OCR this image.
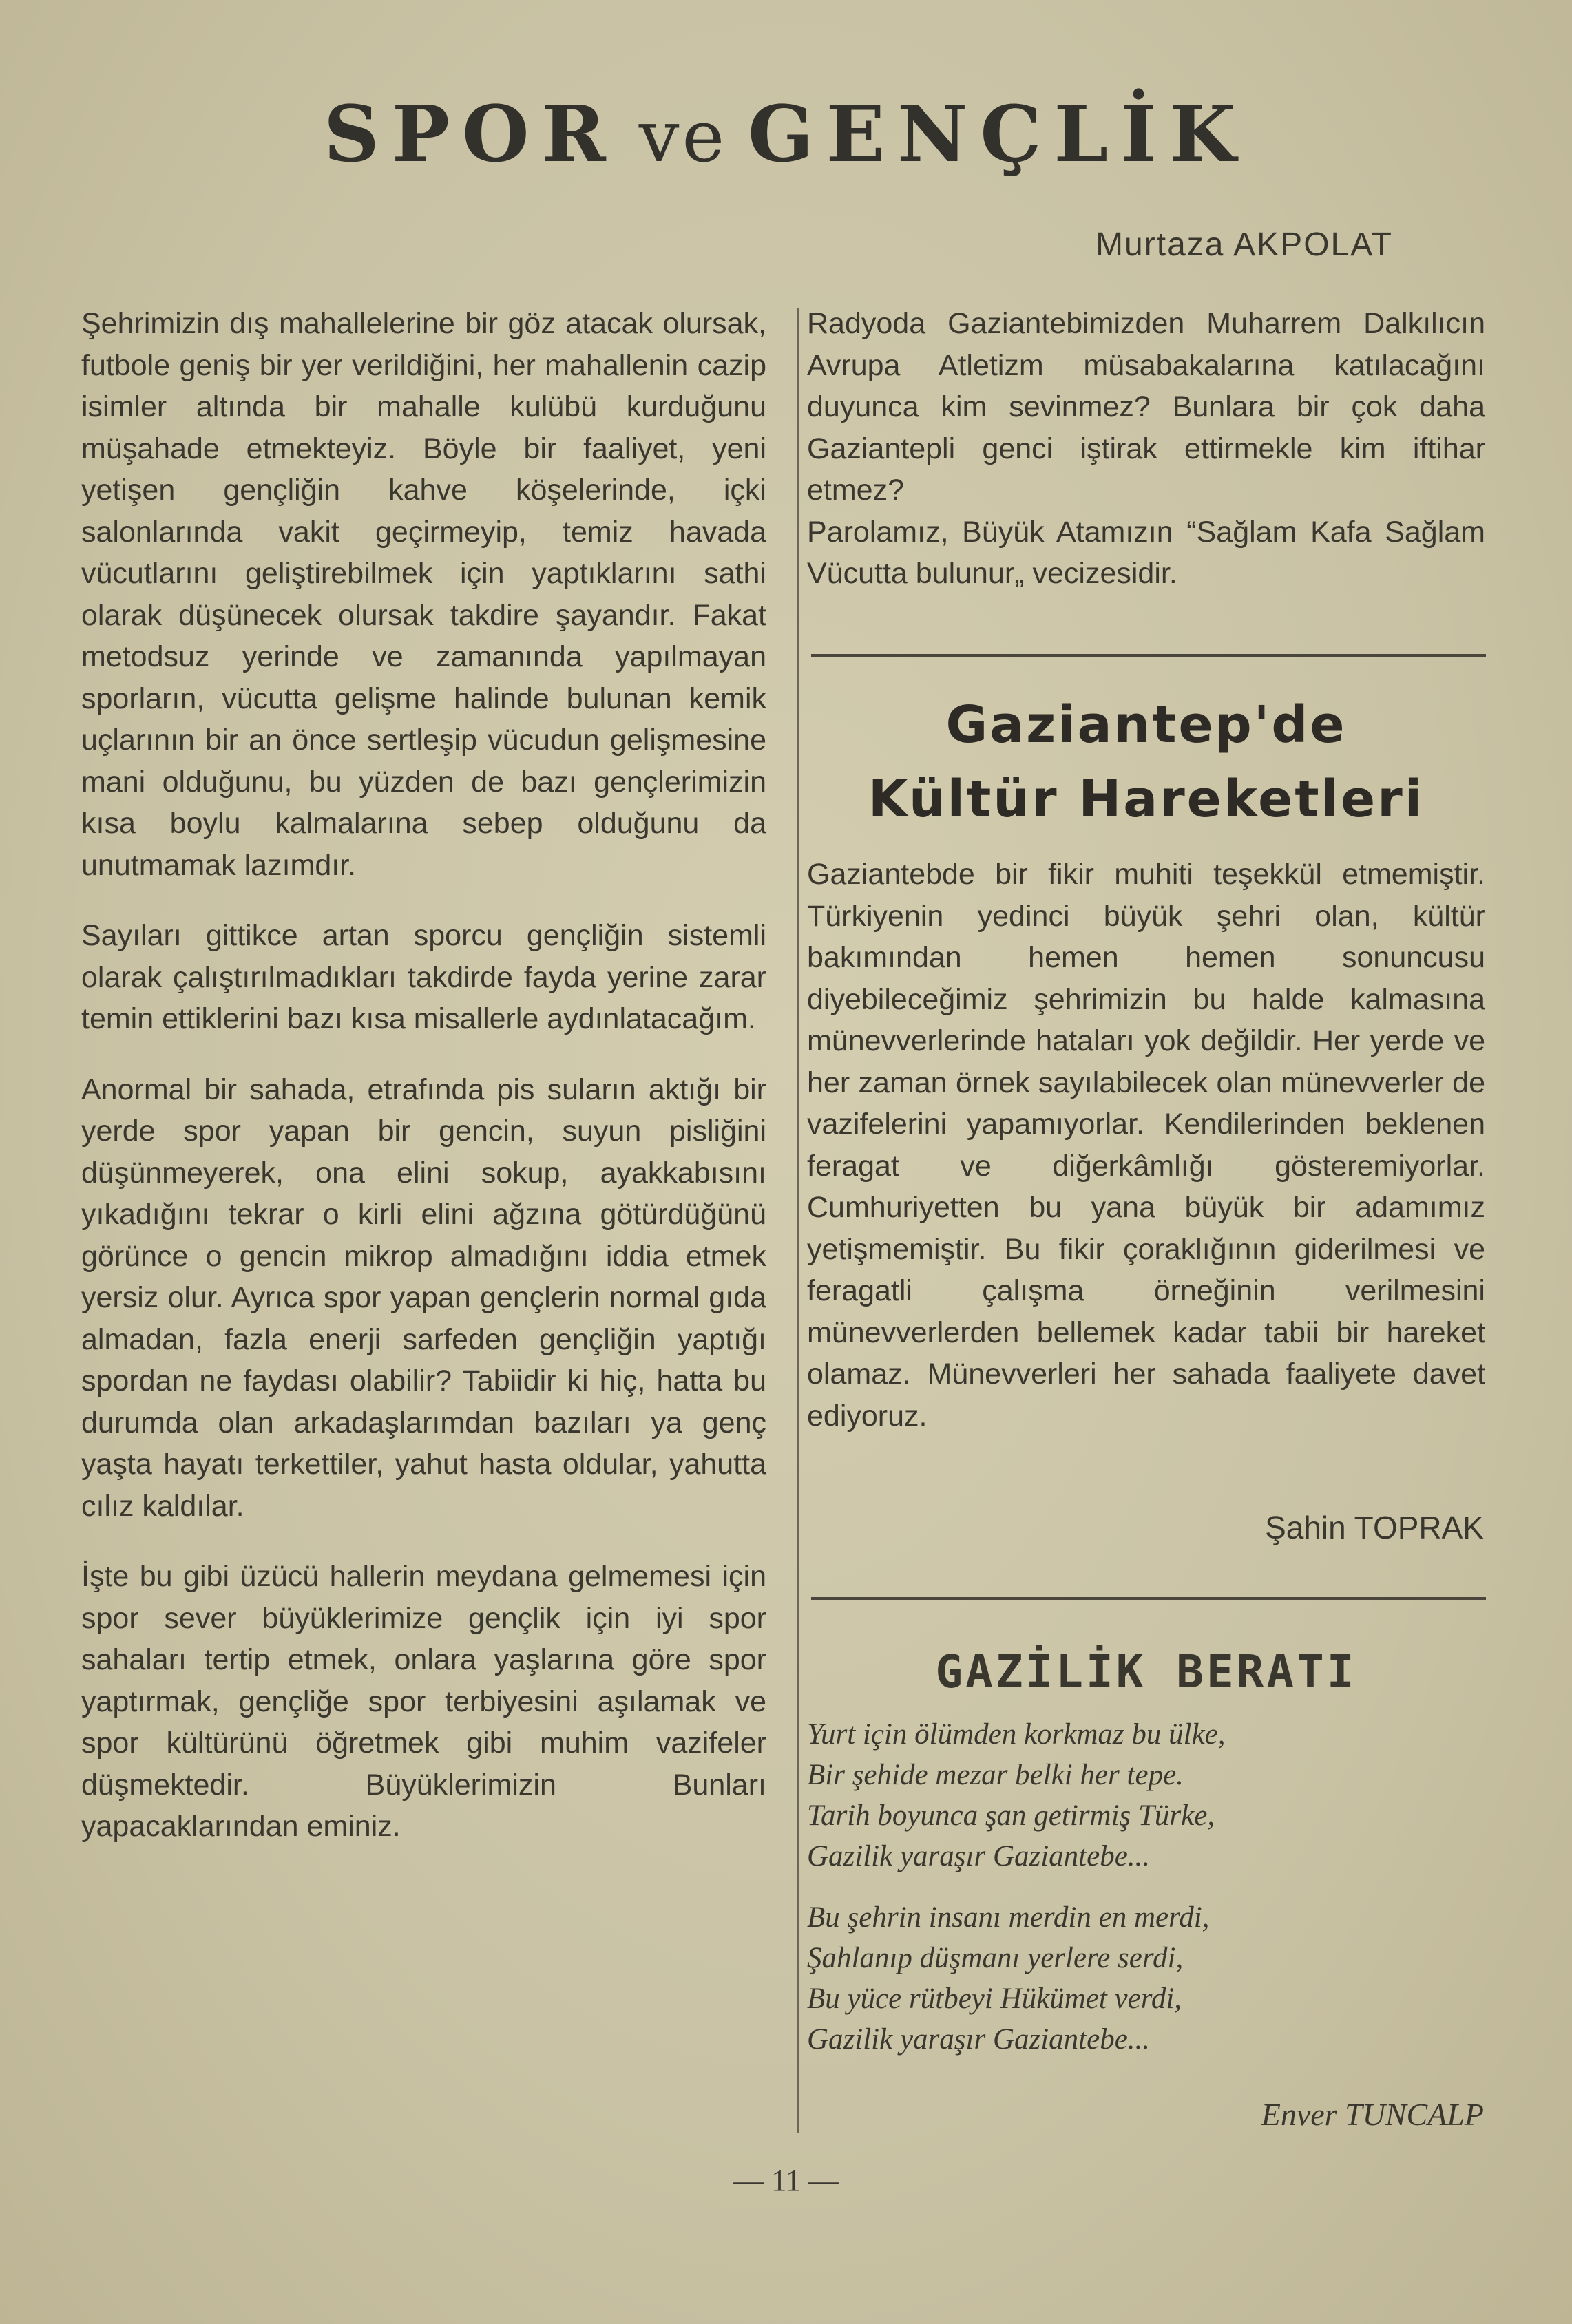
SPOR ve GENÇLİK
Murtaza AKPOLAT

Şehrimizin dış mahallelerine bir göz atacak olursak, futbole geniş bir yer verildiğini, her mahallenin cazip isimler altında bir mahalle kulübü kurduğunu müşahade etmekteyiz. Böyle bir faaliyet, yeni yetişen gençliğin kahve köşelerinde, içki salonlarında vakit geçirmeyip, temiz havada vücutlarını geliştirebilmek için yaptıklarını sathi olarak düşünecek olursak takdire şayandır. Fakat metodsuz yerinde ve zamanında yapılmayan sporların, vücutta gelişme halinde bulunan kemik uçlarının bir an önce sertleşip vücudun gelişmesine mani olduğunu, bu yüzden de bazı gençlerimizin kısa boylu kalmalarına sebep olduğunu da unutmamak lazımdır.

Sayıları gittikce artan sporcu gençliğin sistemli olarak çalıştırılmadıkları takdirde fayda yerine zarar temin ettiklerini bazı kısa misallerle aydınlatacağım.

Anormal bir sahada, etrafında pis suların aktığı bir yerde spor yapan bir gencin, suyun pisliğini düşünmeyerek, ona elini sokup, ayakkabısını yıkadığını tekrar o kirli elini ağzına götürdüğünü görünce o gencin mikrop almadığını iddia etmek yersiz olur. Ayrıca spor yapan gençlerin normal gıda almadan, fazla enerji sarfeden gençliğin yaptığı spordan ne faydası olabilir? Tabiidir ki hiç, hatta bu durumda olan arkadaşlarımdan bazıları ya genç yaşta hayatı terkettiler, yahut hasta oldular, yahutta cılız kaldılar.

İşte bu gibi üzücü hallerin meydana gelmemesi için spor sever büyüklerimize gençlik için iyi spor sahaları tertip etmek, onlara yaşlarına göre spor yaptırmak, gençliğe spor terbiyesini aşılamak ve spor kültürünü öğretmek gibi muhim vazifeler düşmektedir. Büyüklerimizin Bunları yapacaklarından eminiz.

Radyoda Gaziantebimizden Muharrem Dalkılıcın Avrupa Atletizm müsabakalarına katılacağını duyunca kim sevinmez? Bunlara bir çok daha Gaziantepli genci iştirak ettirmekle kim iftihar etmez?

Parolamız, Büyük Atamızın “Sağlam Kafa Sağlam Vücutta bulunur„ vecizesidir.

Gaziantep'de
Kültür Hareketleri

Gaziantebde bir fikir muhiti teşekkül etmemiştir. Türkiyenin yedinci büyük şehri olan, kültür bakımından hemen hemen sonuncusu diyebileceğimiz şehrimizin bu halde kalmasına münevverlerinde hataları yok değildir. Her yerde ve her zaman örnek sayılabilecek olan münevverler de vazifelerini yapamıyorlar. Kendilerinden beklenen feragat ve diğerkâmlığı gösteremiyorlar. Cumhuriyetten bu yana büyük bir adamımız yetişmemiştir. Bu fikir çoraklığının giderilmesi ve feragatli çalışma örneğinin verilmesini münevverlerden bellemek kadar tabii bir hareket olamaz. Münevverleri her sahada faaliyete davet ediyoruz.

Şahin TOPRAK
GAZİLİK BERATI
Yurt için ölümden korkmaz bu ülke,
Bir şehide mezar belki her tepe.
Tarih boyunca şan getirmiş Türke,
Gazilik yaraşır Gaziantebe...
Bu şehrin insanı merdin en merdi,
Şahlanıp düşmanı yerlere serdi,
Bu yüce rütbeyi Hükümet verdi,
Gazilik yaraşır Gaziantebe...
Enver TUNCALP
— 11 —
